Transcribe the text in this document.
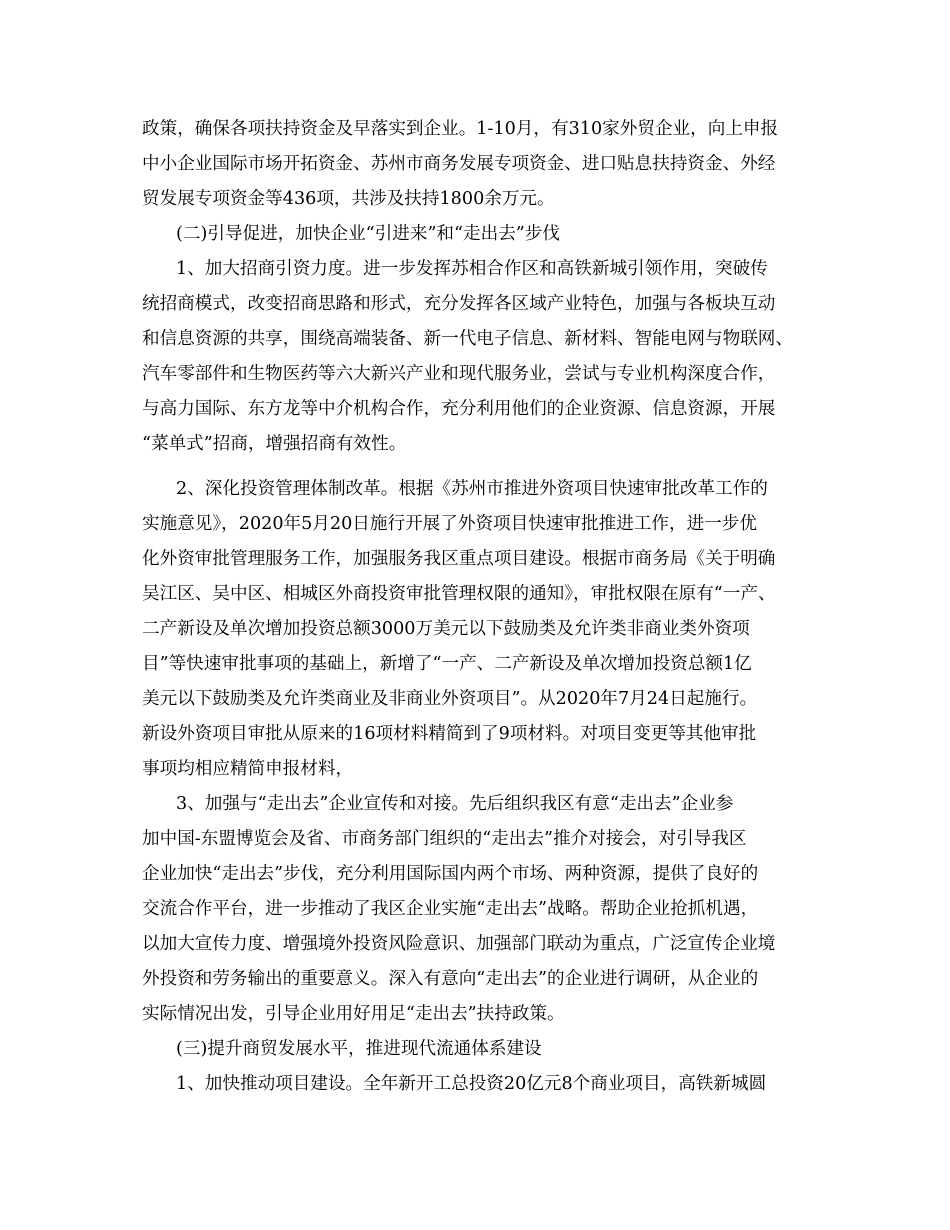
政策，确保各项扶持资金及早落实到企业。1-10月，有310家外贸企业，向上申报
中小企业国际市场开拓资金、苏州市商务发展专项资金、进口贴息扶持资金、外经
贸发展专项资金等436项，共涉及扶持1800余万元。
(二)引导促进，加快企业“引进来”和“走出去”步伐
1、加大招商引资力度。进一步发挥苏相合作区和高铁新城引领作用，突破传
统招商模式，改变招商思路和形式，充分发挥各区域产业特色，加强与各板块互动
和信息资源的共享，围绕高端装备、新一代电子信息、新材料、智能电网与物联网、
汽车零部件和生物医药等六大新兴产业和现代服务业，尝试与专业机构深度合作，
与高力国际、东方龙等中介机构合作，充分利用他们的企业资源、信息资源，开展
“菜单式”招商，增强招商有效性。
2、深化投资管理体制改革。根据《苏州市推进外资项目快速审批改革工作的
实施意见》，2020年5月20日施行开展了外资项目快速审批推进工作，进一步优
化外资审批管理服务工作，加强服务我区重点项目建设。根据市商务局《关于明确
吴江区、吴中区、相城区外商投资审批管理权限的通知》，审批权限在原有“一产、
二产新设及单次增加投资总额3000万美元以下鼓励类及允许类非商业类外资项
目”等快速审批事项的基础上，新增了“一产、二产新设及单次增加投资总额1亿
美元以下鼓励类及允许类商业及非商业外资项目”。从2020年7月24日起施行。
新设外资项目审批从原来的16项材料精简到了9项材料。对项目变更等其他审批
事项均相应精简申报材料，
3、加强与“走出去”企业宣传和对接。先后组织我区有意“走出去”企业参
加中国-东盟博览会及省、市商务部门组织的“走出去”推介对接会，对引导我区
企业加快“走出去”步伐，充分利用国际国内两个市场、两种资源，提供了良好的
交流合作平台，进一步推动了我区企业实施“走出去”战略。帮助企业抢抓机遇，
以加大宣传力度、增强境外投资风险意识、加强部门联动为重点，广泛宣传企业境
外投资和劳务输出的重要意义。深入有意向“走出去”的企业进行调研，从企业的
实际情况出发，引导企业用好用足“走出去”扶持政策。
(三)提升商贸发展水平，推进现代流通体系建设
1、加快推动项目建设。全年新开工总投资20亿元8个商业项目，高铁新城圆
